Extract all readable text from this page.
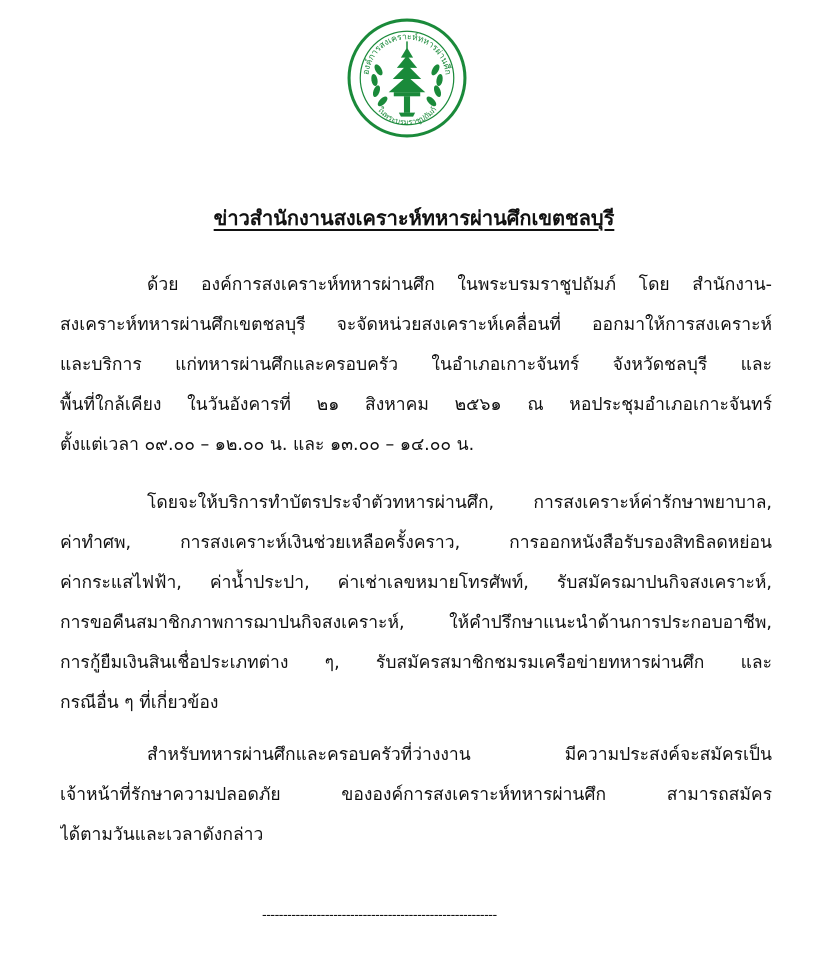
องค์การสงเคราะห์ทหารผ่านศึก
ในพระบรมราชูปถัมภ์
ข่าวสำนักงานสงเคราะห์ทหารผ่านศึกเขตชลบุรี
ด้วย องค์การสงเคราะห์ทหารผ่านศึก ในพระบรมราชูปถัมภ์ โดย สำนักงาน-
สงเคราะห์ทหารผ่านศึกเขตชลบุรี จะจัดหน่วยสงเคราะห์เคลื่อนที่ ออกมาให้การสงเคราะห์
และบริการ แก่ทหารผ่านศึกและครอบครัว ในอำเภอเกาะจันทร์ จังหวัดชลบุรี และ
พื้นที่ใกล้เคียง ในวันอังคารที่ ๒๑ สิงหาคม ๒๕๖๑ ณ หอประชุมอำเภอเกาะจันทร์
ตั้งแต่เวลา ๐๙.๐๐ – ๑๒.๐๐ น. และ ๑๓.๐๐ – ๑๔.๐๐ น.
โดยจะให้บริการทำบัตรประจำตัวทหารผ่านศึก, การสงเคราะห์ค่ารักษาพยาบาล,
ค่าทำศพ, การสงเคราะห์เงินช่วยเหลือครั้งคราว, การออกหนังสือรับรองสิทธิลดหย่อน
ค่ากระแสไฟฟ้า, ค่าน้ำประปา, ค่าเช่าเลขหมายโทรศัพท์, รับสมัครฌาปนกิจสงเคราะห์,
การขอคืนสมาชิกภาพการฌาปนกิจสงเคราะห์, ให้คำปรึกษาแนะนำด้านการประกอบอาชีพ,
การกู้ยืมเงินสินเชื่อประเภทต่าง ๆ, รับสมัครสมาชิกชมรมเครือข่ายทหารผ่านศึก และ
กรณีอื่น ๆ ที่เกี่ยวข้อง
สำหรับทหารผ่านศึกและครอบครัวที่ว่างงาน มีความประสงค์จะสมัครเป็น
เจ้าหน้าที่รักษาความปลอดภัย ขององค์การสงเคราะห์ทหารผ่านศึก สามารถสมัคร
ได้ตามวันและเวลาดังกล่าว
--------------------------------------------------------
